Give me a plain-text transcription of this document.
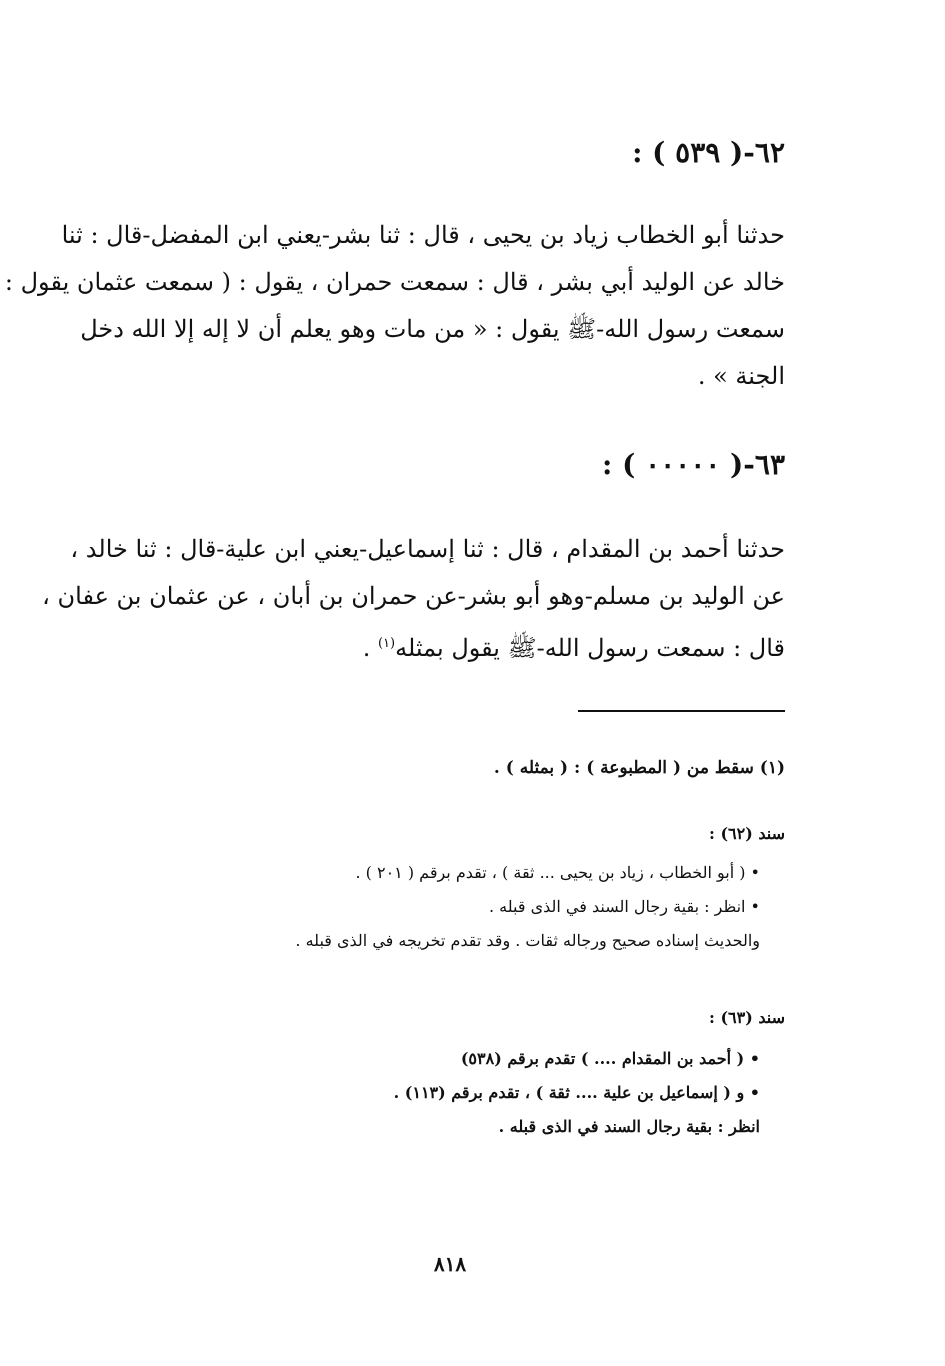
٦٢-( ٥٣٩ ) :
حدثنا أبو الخطاب زياد بن يحيى ، قال : ثنا بشر-يعني ابن المفضل-قال : ثنا
خالد عن الوليد أبي بشر ، قال : سمعت حمران ، يقول : ( سمعت عثمان يقول :
سمعت رسول الله-ﷺ يقول : « من مات وهو يعلم أن لا إله إلا الله دخل
الجنة » .
٦٣-( ٠٠٠٠٠ ) :
حدثنا أحمد بن المقدام ، قال : ثنا إسماعيل-يعني ابن علية-قال : ثنا خالد ،
عن الوليد بن مسلم-وهو أبو بشر-عن حمران بن أبان ، عن عثمان بن عفان ،
قال : سمعت رسول الله-ﷺ يقول بمثله$^{(١)}$ .
(١) سقط من ( المطبوعة ) : ( بمثله ) .
سند (٦٢) :
• ( أبو الخطاب ، زياد بن يحيى ... ثقة ) ، تقدم برقم ( ٢٠١ ) .
• انظر : بقية رجال السند في الذى قبله .
والحديث إسناده صحيح ورجاله ثقات . وقد تقدم تخريجه في الذى قبله .
سند (٦٣) :
• ( أحمد بن المقدام .... ) تقدم برقم (٥٣٨)
• و ( إسماعيل بن علية .... ثقة ) ، تقدم برقم (١١٣) .
انظر : بقية رجال السند في الذى قبله .
٨١٨
